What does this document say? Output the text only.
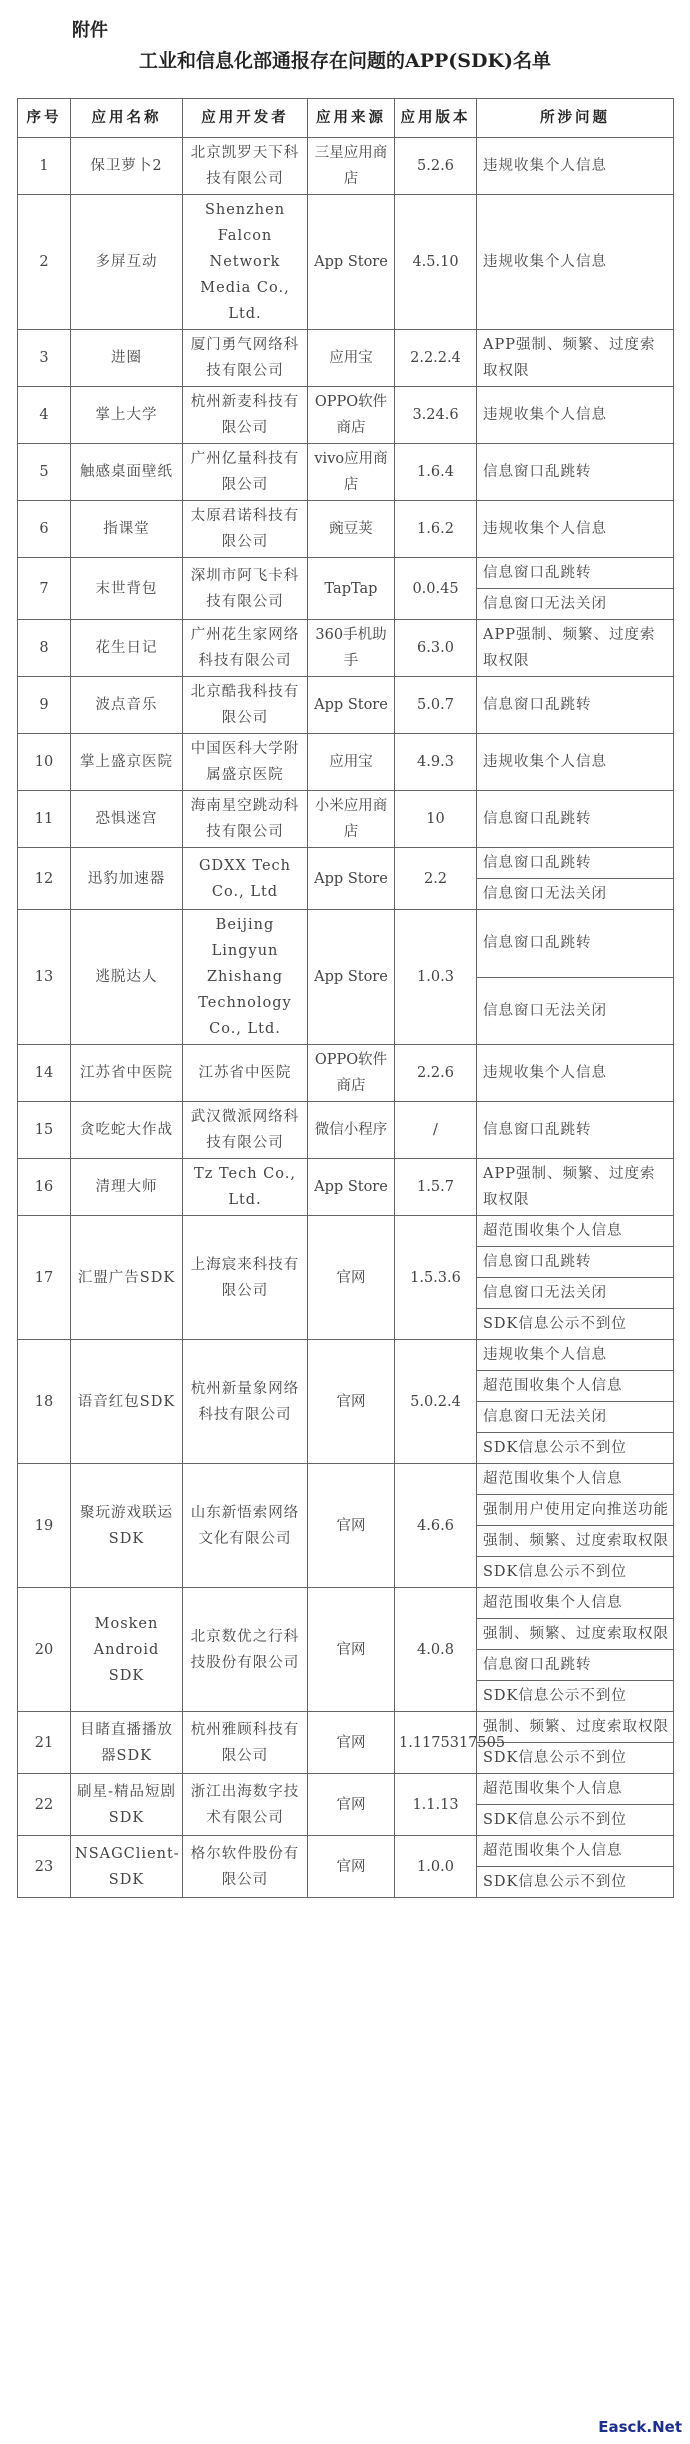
附件
工业和信息化部通报存在问题的APP(SDK)名单
序号	应用名称	应用开发者	应用来源	应用版本	所涉问题
1	保卫萝卜2	北京凯罗天下科技有限公司	三星应用商店	5.2.6	违规收集个人信息
2	多屏互动	Shenzhen Falcon Network Media Co., Ltd.	App Store	4.5.10	违规收集个人信息
3	进圈	厦门勇气网络科技有限公司	应用宝	2.2.2.4	APP强制、频繁、过度索取权限
4	掌上大学	杭州新麦科技有限公司	OPPO软件商店	3.24.6	违规收集个人信息
5	触感桌面壁纸	广州亿量科技有限公司	vivo应用商店	1.6.4	信息窗口乱跳转
6	指课堂	太原君诺科技有限公司	豌豆荚	1.6.2	违规收集个人信息
7	末世背包	深圳市阿飞卡科技有限公司	TapTap	0.0.45	信息窗口乱跳转
					信息窗口无法关闭
8	花生日记	广州花生家网络科技有限公司	360手机助手	6.3.0	APP强制、频繁、过度索取权限
9	波点音乐	北京酷我科技有限公司	App Store	5.0.7	信息窗口乱跳转
10	掌上盛京医院	中国医科大学附属盛京医院	应用宝	4.9.3	违规收集个人信息
11	恐惧迷宫	海南星空跳动科技有限公司	小米应用商店	10	信息窗口乱跳转
12	迅豹加速器	GDXX Tech Co., Ltd	App Store	2.2	信息窗口乱跳转
					信息窗口无法关闭
13	逃脱达人	Beijing Lingyun Zhishang Technology Co., Ltd.	App Store	1.0.3	信息窗口乱跳转
					信息窗口无法关闭
14	江苏省中医院	江苏省中医院	OPPO软件商店	2.2.6	违规收集个人信息
15	贪吃蛇大作战	武汉微派网络科技有限公司	微信小程序	/	信息窗口乱跳转
16	清理大师	Tz Tech Co., Ltd.	App Store	1.5.7	APP强制、频繁、过度索取权限
17	汇盟广告SDK	上海宸来科技有限公司	官网	1.5.3.6	超范围收集个人信息
					信息窗口乱跳转
					信息窗口无法关闭
					SDK信息公示不到位
18	语音红包SDK	杭州新量象网络科技有限公司	官网	5.0.2.4	违规收集个人信息
					超范围收集个人信息
					信息窗口无法关闭
					SDK信息公示不到位
19	聚玩游戏联运SDK	山东新悟索网络文化有限公司	官网	4.6.6	超范围收集个人信息
					强制用户使用定向推送功能
					强制、频繁、过度索取权限
					SDK信息公示不到位
20	Mosken Android SDK	北京数优之行科技股份有限公司	官网	4.0.8	超范围收集个人信息
					强制、频繁、过度索取权限
					信息窗口乱跳转
					SDK信息公示不到位
21	目睹直播播放器SDK	杭州雅顾科技有限公司	官网	1.1175317505	强制、频繁、过度索取权限
					SDK信息公示不到位
22	刷星-精品短剧SDK	浙江出海数字技术有限公司	官网	1.1.13	超范围收集个人信息
					SDK信息公示不到位
23	NSAGClient-SDK	格尔软件股份有限公司	官网	1.0.0	超范围收集个人信息
					SDK信息公示不到位
Easck.Net
